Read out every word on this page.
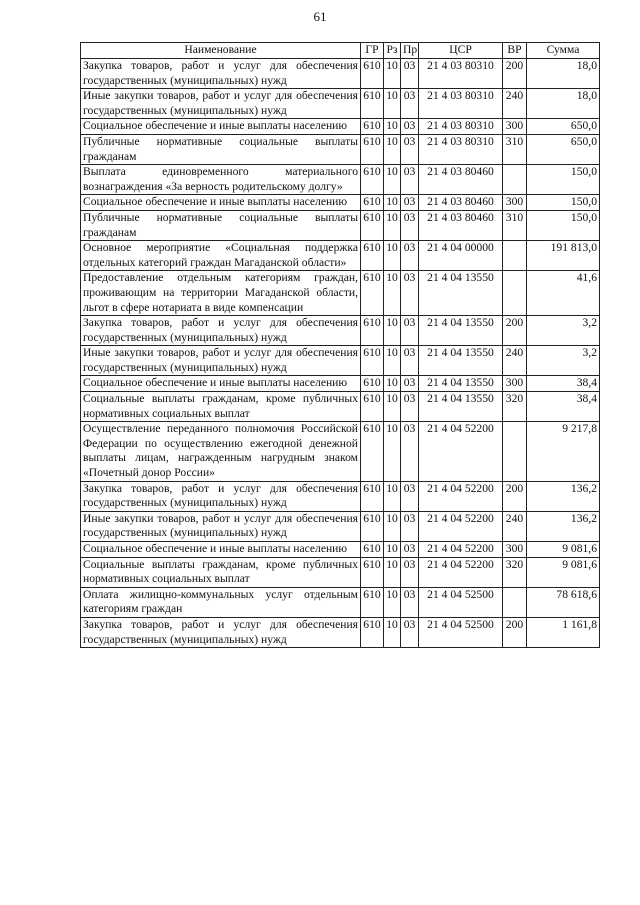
61
Наименование	ГР	Рз	Пр	ЦСР	ВР	Сумма
Закупка товаров, работ и услуг для обеспечения государственных (муниципальных) нужд	610	10	03	21 4 03 80310	200	18,0
Иные закупки товаров, работ и услуг для обеспечения государственных (муниципальных) нужд	610	10	03	21 4 03 80310	240	18,0
Социальное обеспечение и иные выплаты населению	610	10	03	21 4 03 80310	300	650,0
Публичные нормативные социальные выплаты гражданам	610	10	03	21 4 03 80310	310	650,0
Выплата единовременного материального вознаграждения «За верность родительскому долгу»	610	10	03	21 4 03 80460		150,0
Социальное обеспечение и иные выплаты населению	610	10	03	21 4 03 80460	300	150,0
Публичные нормативные социальные выплаты гражданам	610	10	03	21 4 03 80460	310	150,0
Основное мероприятие «Социальная поддержка отдельных категорий граждан Магаданской области»	610	10	03	21 4 04 00000		191 813,0
Предоставление отдельным категориям граждан, проживающим на территории Магаданской области, льгот в сфере нотариата в виде компенсации	610	10	03	21 4 04 13550		41,6
Закупка товаров, работ и услуг для обеспечения государственных (муниципальных) нужд	610	10	03	21 4 04 13550	200	3,2
Иные закупки товаров, работ и услуг для обеспечения государственных (муниципальных) нужд	610	10	03	21 4 04 13550	240	3,2
Социальное обеспечение и иные выплаты населению	610	10	03	21 4 04 13550	300	38,4
Социальные выплаты гражданам, кроме публичных нормативных социальных выплат	610	10	03	21 4 04 13550	320	38,4
Осуществление переданного полномочия Российской Федерации по осуществлению ежегодной денежной выплаты лицам, награжденным нагрудным знаком «Почетный донор России»	610	10	03	21 4 04 52200		9 217,8
Закупка товаров, работ и услуг для обеспечения государственных (муниципальных) нужд	610	10	03	21 4 04 52200	200	136,2
Иные закупки товаров, работ и услуг для обеспечения государственных (муниципальных) нужд	610	10	03	21 4 04 52200	240	136,2
Социальное обеспечение и иные выплаты населению	610	10	03	21 4 04 52200	300	9 081,6
Социальные выплаты гражданам, кроме публичных нормативных социальных выплат	610	10	03	21 4 04 52200	320	9 081,6
Оплата жилищно-коммунальных услуг отдельным категориям граждан	610	10	03	21 4 04 52500		78 618,6
Закупка товаров, работ и услуг для обеспечения государственных (муниципальных) нужд	610	10	03	21 4 04 52500	200	1 161,8
